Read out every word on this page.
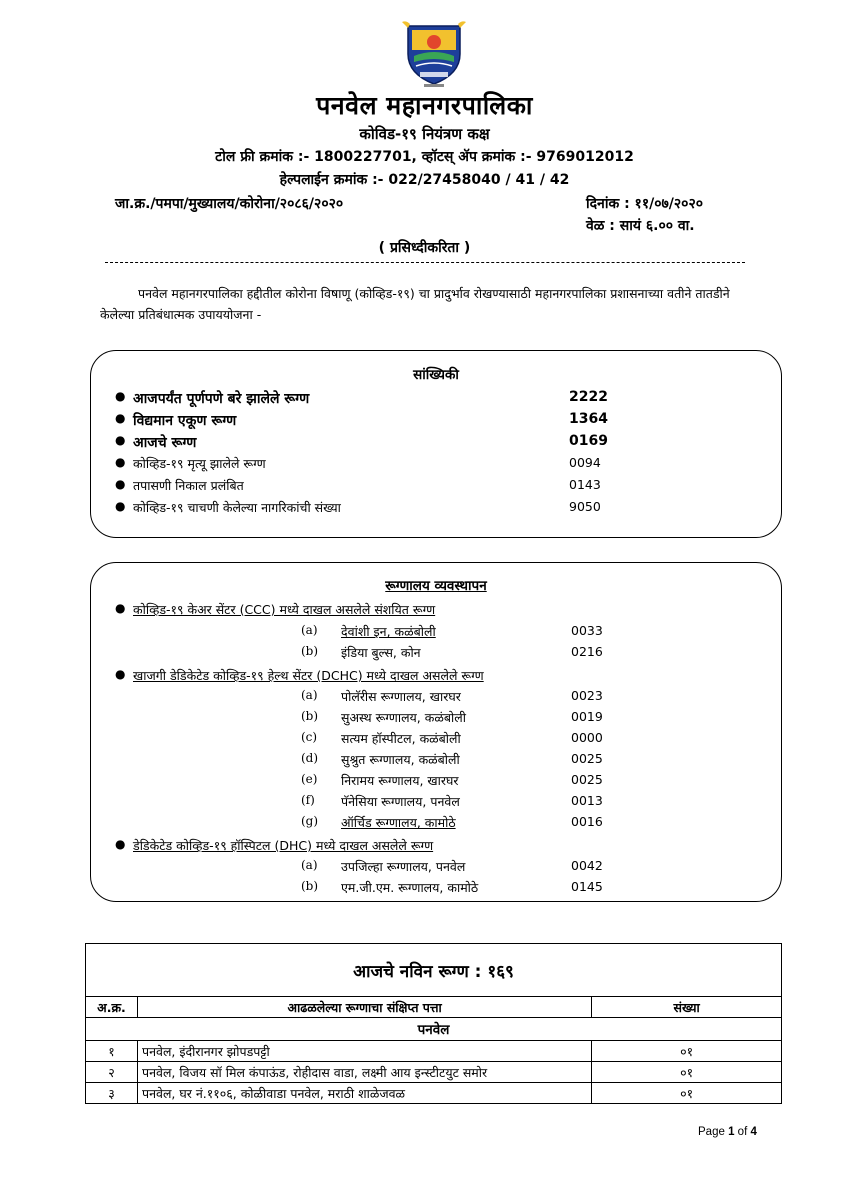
पनवेल महानगरपालिका
कोविड-१९ नियंत्रण कक्ष
टोल फ्री क्रमांक :- 1800227701, व्हॉटस् ॲप क्रमांक :- 9769012012
हेल्पलाईन क्रमांक :- 022/27458040 / 41 / 42
जा.क्र./पमपा/मुख्यालय/कोरोना/२०८६/२०२०	दिनांक : ११/०७/२०२०
वेळ : सायं ६.०० वा.
( प्रसिध्दीकरिता )
पनवेल महानगरपालिका हद्दीतील कोरोना विषाणू (कोव्हिड-१९) चा प्रादुर्भाव रोखण्यासाठी महानगरपालिका प्रशासनाच्या वतीने तातडीने केलेल्या प्रतिबंधात्मक उपाययोजना -
सांख्यिकी
● आजपर्यंत पूर्णपणे बरे झालेले रूग्ण	2222
● विद्यमान एकूण रूग्ण	1364
● आजचे रूग्ण	0169
● कोव्हिड-१९ मृत्यू झालेले रूग्ण	0094
● तपासणी निकाल प्रलंबित	0143
● कोव्हिड-१९ चाचणी केलेल्या नागरिकांची संख्या	9050
रूग्णालय व्यवस्थापन
● कोव्हिड-१९ केअर सेंटर (CCC) मध्ये दाखल असलेले संशयित रूग्ण
(a) देवांशी इन, कळंबोली	0033
(b) इंडिया बुल्स, कोन	0216
● खाजगी डेडिकेटेड कोव्हिड-१९ हेल्थ सेंटर (DCHC) मध्ये दाखल असलेले रूग्ण
(a) पोलॅरीस रूग्णालय, खारघर	0023
(b) सुअस्थ रूग्णालय, कळंबोली	0019
(c) सत्यम हॉस्पीटल, कळंबोली	0000
(d) सुश्रुत रूग्णालय, कळंबोली	0025
(e) निरामय रूग्णालय, खारघर	0025
(f) पॅनेसिया रूग्णालय, पनवेल	0013
(g) ऑर्चिड रूग्णालय, कामोठे	0016
● डेडिकेटेड कोव्हिड-१९ हॉस्पिटल (DHC) मध्ये दाखल असलेले रूग्ण
(a) उपजिल्हा रूग्णालय, पनवेल	0042
(b) एम.जी.एम. रूग्णालय, कामोठे	0145
आजचे नविन रूग्ण : १६९		
अ.क्र.	आढळलेल्या रूग्णाचा संक्षिप्त पत्ता	संख्या
पनवेल		
१	पनवेल, इंदीरानगर झोपडपट्टी	०१
२	पनवेल, विजय सॉ मिल कंपाऊंड, रोहीदास वाडा, लक्ष्मी आय इन्स्टीटयुट समोर	०१
३	पनवेल, घर नं.११०६, कोळीवाडा पनवेल, मराठी शाळेजवळ	०१
Page 1 of 4
